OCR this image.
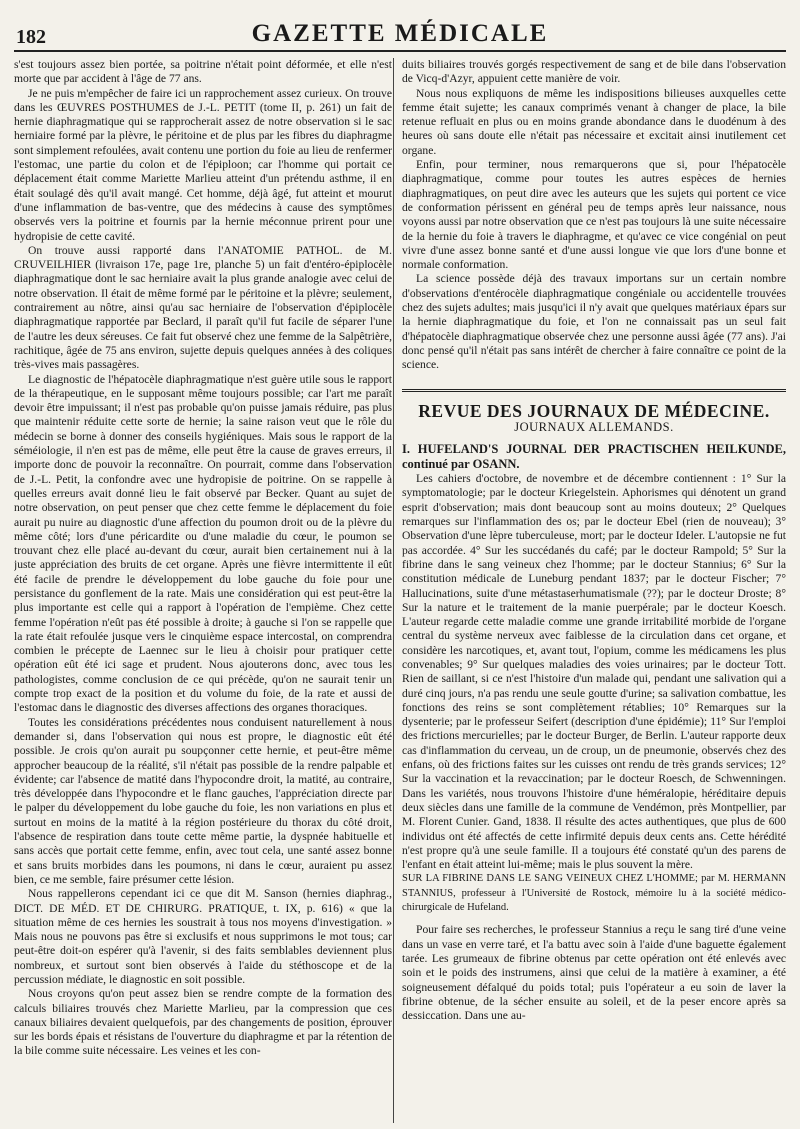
182	GAZETTE MÉDICALE

s'est toujours assez bien portée, sa poitrine n'était point déformée, et elle n'est morte que par accident à l'âge de 77 ans.

Je ne puis m'empêcher de faire ici un rapprochement assez curieux. On trouve dans les ŒUVRES POSTHUMES de J.-L. PETIT (tome II, p. 261) un fait de hernie diaphragmatique qui se rapprocherait assez de notre observation si le sac herniaire formé par la plèvre, le péritoine et de plus par les fibres du diaphragme sont simplement refoulées, avait contenu une portion du foie au lieu de renfermer l'estomac, une partie du colon et de l'épiploon; car l'homme qui portait ce déplacement était comme Mariette Marlieu atteint d'un prétendu asthme, il en était soulagé dès qu'il avait mangé. Cet homme, déjà âgé, fut atteint et mourut d'une inflammation de bas-ventre, que des médecins à cause des symptômes observés vers la poitrine et fournis par la hernie méconnue prirent pour une hydropisie de cette cavité.

On trouve aussi rapporté dans l'ANATOMIE PATHOL. de M. CRUVEILHIER (livraison 17e, page 1re, planche 5) un fait d'entéro-épiplocèle diaphragmatique dont le sac herniaire avait la plus grande analogie avec celui de notre observation. Il était de même formé par le péritoine et la plèvre; seulement, contrairement au nôtre, ainsi qu'au sac herniaire de l'observation d'épiplocèle diaphragmatique rapportée par Beclard, il paraît qu'il fut facile de séparer l'une de l'autre les deux séreuses. Ce fait fut observé chez une femme de la Salpêtrière, rachitique, âgée de 75 ans environ, sujette depuis quelques années à des coliques très-vives mais passagères.

Le diagnostic de l'hépatocèle diaphragmatique n'est guère utile sous le rapport de la thérapeutique, en le supposant même toujours possible; car l'art me paraît devoir être impuissant; il n'est pas probable qu'on puisse jamais réduire, pas plus que maintenir réduite cette sorte de hernie; la saine raison veut que le rôle du médecin se borne à donner des conseils hygiéniques. Mais sous le rapport de la séméiologie, il n'en est pas de même, elle peut être la cause de graves erreurs, il importe donc de pouvoir la reconnaître. On pourrait, comme dans l'observation de J.-L. Petit, la confondre avec une hydropisie de poitrine. On se rappelle à quelles erreurs avait donné lieu le fait observé par Becker. Quant au sujet de notre observation, on peut penser que chez cette femme le déplacement du foie aurait pu nuire au diagnostic d'une affection du poumon droit ou de la plèvre du même côté; lors d'une péricardite ou d'une maladie du cœur, le poumon se trouvant chez elle placé au-devant du cœur, aurait bien certainement nui à la juste appréciation des bruits de cet organe. Après une fièvre intermittente il eût été facile de prendre le développement du lobe gauche du foie pour une persistance du gonflement de la rate. Mais une considération qui est peut-être la plus importante est celle qui a rapport à l'opération de l'empième. Chez cette femme l'opération n'eût pas été possible à droite; à gauche si l'on se rappelle que la rate était refoulée jusque vers le cinquième espace intercostal, on comprendra combien le précepte de Laennec sur le lieu à choisir pour pratiquer cette opération eût été ici sage et prudent. Nous ajouterons donc, avec tous les pathologistes, comme conclusion de ce qui précède, qu'on ne saurait tenir un compte trop exact de la position et du volume du foie, de la rate et aussi de l'estomac dans le diagnostic des diverses affections des organes thoraciques.

Toutes les considérations précédentes nous conduisent naturellement à nous demander si, dans l'observation qui nous est propre, le diagnostic eût été possible. Je crois qu'on aurait pu soupçonner cette hernie, et peut-être même approcher beaucoup de la réalité, s'il n'était pas possible de la rendre palpable et évidente; car l'absence de matité dans l'hypocondre droit, la matité, au contraire, très développée dans l'hypocondre et le flanc gauches, l'appréciation directe par le palper du développement du lobe gauche du foie, les non variations en plus et surtout en moins de la matité à la région postérieure du thorax du côté droit, l'absence de respiration dans toute cette même partie, la dyspnée habituelle et sans accès que portait cette femme, enfin, avec tout cela, une santé assez bonne et sans bruits morbides dans les poumons, ni dans le cœur, auraient pu assez bien, ce me semble, faire présumer cette lésion.

Nous rappellerons cependant ici ce que dit M. Sanson (hernies diaphrag., DICT. DE MÉD. ET DE CHIRURG. PRATIQUE, t. IX, p. 616) « que la situation même de ces hernies les soustrait à tous nos moyens d'investigation. » Mais nous ne pouvons pas être si exclusifs et nous supprimons le mot tous; car peut-être doit-on espérer qu'à l'avenir, si des faits semblables deviennent plus nombreux, et surtout sont bien observés à l'aide du stéthoscope et de la percussion médiate, le diagnostic en soit possible.

Nous croyons qu'on peut assez bien se rendre compte de la formation des calculs biliaires trouvés chez Mariette Marlieu, par la compression que ces canaux biliaires devaient quelquefois, par des changements de position, éprouver sur les bords épais et résistans de l'ouverture du diaphragme et par la rétention de la bile comme suite nécessaire. Les veines et les con-

duits biliaires trouvés gorgés respectivement de sang et de bile dans l'observation de Vicq-d'Azyr, appuient cette manière de voir.

Nous nous expliquons de même les indispositions bilieuses auxquelles cette femme était sujette; les canaux comprimés venant à changer de place, la bile retenue refluait en plus ou en moins grande abondance dans le duodénum à des heures où sans doute elle n'était pas nécessaire et excitait ainsi inutilement cet organe.

Enfin, pour terminer, nous remarquerons que si, pour l'hépatocèle diaphragmatique, comme pour toutes les autres espèces de hernies diaphragmatiques, on peut dire avec les auteurs que les sujets qui portent ce vice de conformation périssent en général peu de temps après leur naissance, nous voyons aussi par notre observation que ce n'est pas toujours là une suite nécessaire de la hernie du foie à travers le diaphragme, et qu'avec ce vice congénial on peut vivre d'une assez bonne santé et d'une aussi longue vie que lors d'une bonne et normale conformation.

La science possède déjà des travaux importans sur un certain nombre d'observations d'entérocèle diaphragmatique congéniale ou accidentelle trouvées chez des sujets adultes; mais jusqu'ici il n'y avait que quelques matériaux épars sur la hernie diaphragmatique du foie, et l'on ne connaissait pas un seul fait d'hépatocèle diaphragmatique observée chez une personne aussi âgée (77 ans). J'ai donc pensé qu'il n'était pas sans intérêt de chercher à faire connaître ce point de la science.

REVUE DES JOURNAUX DE MÉDECINE.
JOURNAUX ALLEMANDS.

I. HUFELAND'S JOURNAL DER PRACTISCHEN HEILKUNDE, continué par OSANN.

Les cahiers d'octobre, de novembre et de décembre contiennent : 1° Sur la symptomatologie; par le docteur Kriegelstein. Aphorismes qui dénotent un grand esprit d'observation; mais dont beaucoup sont au moins douteux; 2° Quelques remarques sur l'inflammation des os; par le docteur Ebel (rien de nouveau); 3° Observation d'une lèpre tuberculeuse, mort; par le docteur Ideler. L'autopsie ne fut pas accordée. 4° Sur les succédanés du café; par le docteur Rampold; 5° Sur la fibrine dans le sang veineux chez l'homme; par le docteur Stannius; 6° Sur la constitution médicale de Luneburg pendant 1837; par le docteur Fischer; 7° Hallucinations, suite d'une métastaserhumatismale (??); par le docteur Droste; 8° Sur la nature et le traitement de la manie puerpérale; par le docteur Koesch. L'auteur regarde cette maladie comme une grande irritabilité morbide de l'organe central du système nerveux avec faiblesse de la circulation dans cet organe, et considère les narcotiques, et, avant tout, l'opium, comme les médicamens les plus convenables; 9° Sur quelques maladies des voies urinaires; par le docteur Tott. Rien de saillant, si ce n'est l'histoire d'un malade qui, pendant une salivation qui a duré cinq jours, n'a pas rendu une seule goutte d'urine; sa salivation combattue, les fonctions des reins se sont complètement rétablies; 10° Remarques sur la dysenterie; par le professeur Seifert (description d'une épidémie); 11° Sur l'emploi des frictions mercurielles; par le docteur Burger, de Berlin. L'auteur rapporte deux cas d'inflammation du cerveau, un de croup, un de pneumonie, observés chez des enfans, où des frictions faites sur les cuisses ont rendu de très grands services; 12° Sur la vaccination et la revaccination; par le docteur Roesch, de Schwenningen. Dans les variétés, nous trouvons l'histoire d'une héméralopie, héréditaire depuis deux siècles dans une famille de la commune de Vendémon, près Montpellier, par M. Florent Cunier. Gand, 1838. Il résulte des actes authentiques, que plus de 600 individus ont été affectés de cette infirmité depuis deux cents ans. Cette hérédité n'est propre qu'à une seule famille. Il a toujours été constaté qu'un des parens de l'enfant en était atteint lui-même; mais le plus souvent la mère.

SUR LA FIBRINE DANS LE SANG VEINEUX CHEZ L'HOMME; par M. HERMANN STANNIUS, professeur à l'Université de Rostock, mémoire lu à la société médico-chirurgicale de Hufeland.

Pour faire ses recherches, le professeur Stannius a reçu le sang tiré d'une veine dans un vase en verre taré, et l'a battu avec soin à l'aide d'une baguette également tarée. Les grumeaux de fibrine obtenus par cette opération ont été enlevés avec soin et le poids des instrumens, ainsi que celui de la matière à examiner, a été soigneusement défalqué du poids total; puis l'opérateur a eu soin de laver la fibrine obtenue, de la sécher ensuite au soleil, et de la peser encore après sa dessiccation. Dans une au-
